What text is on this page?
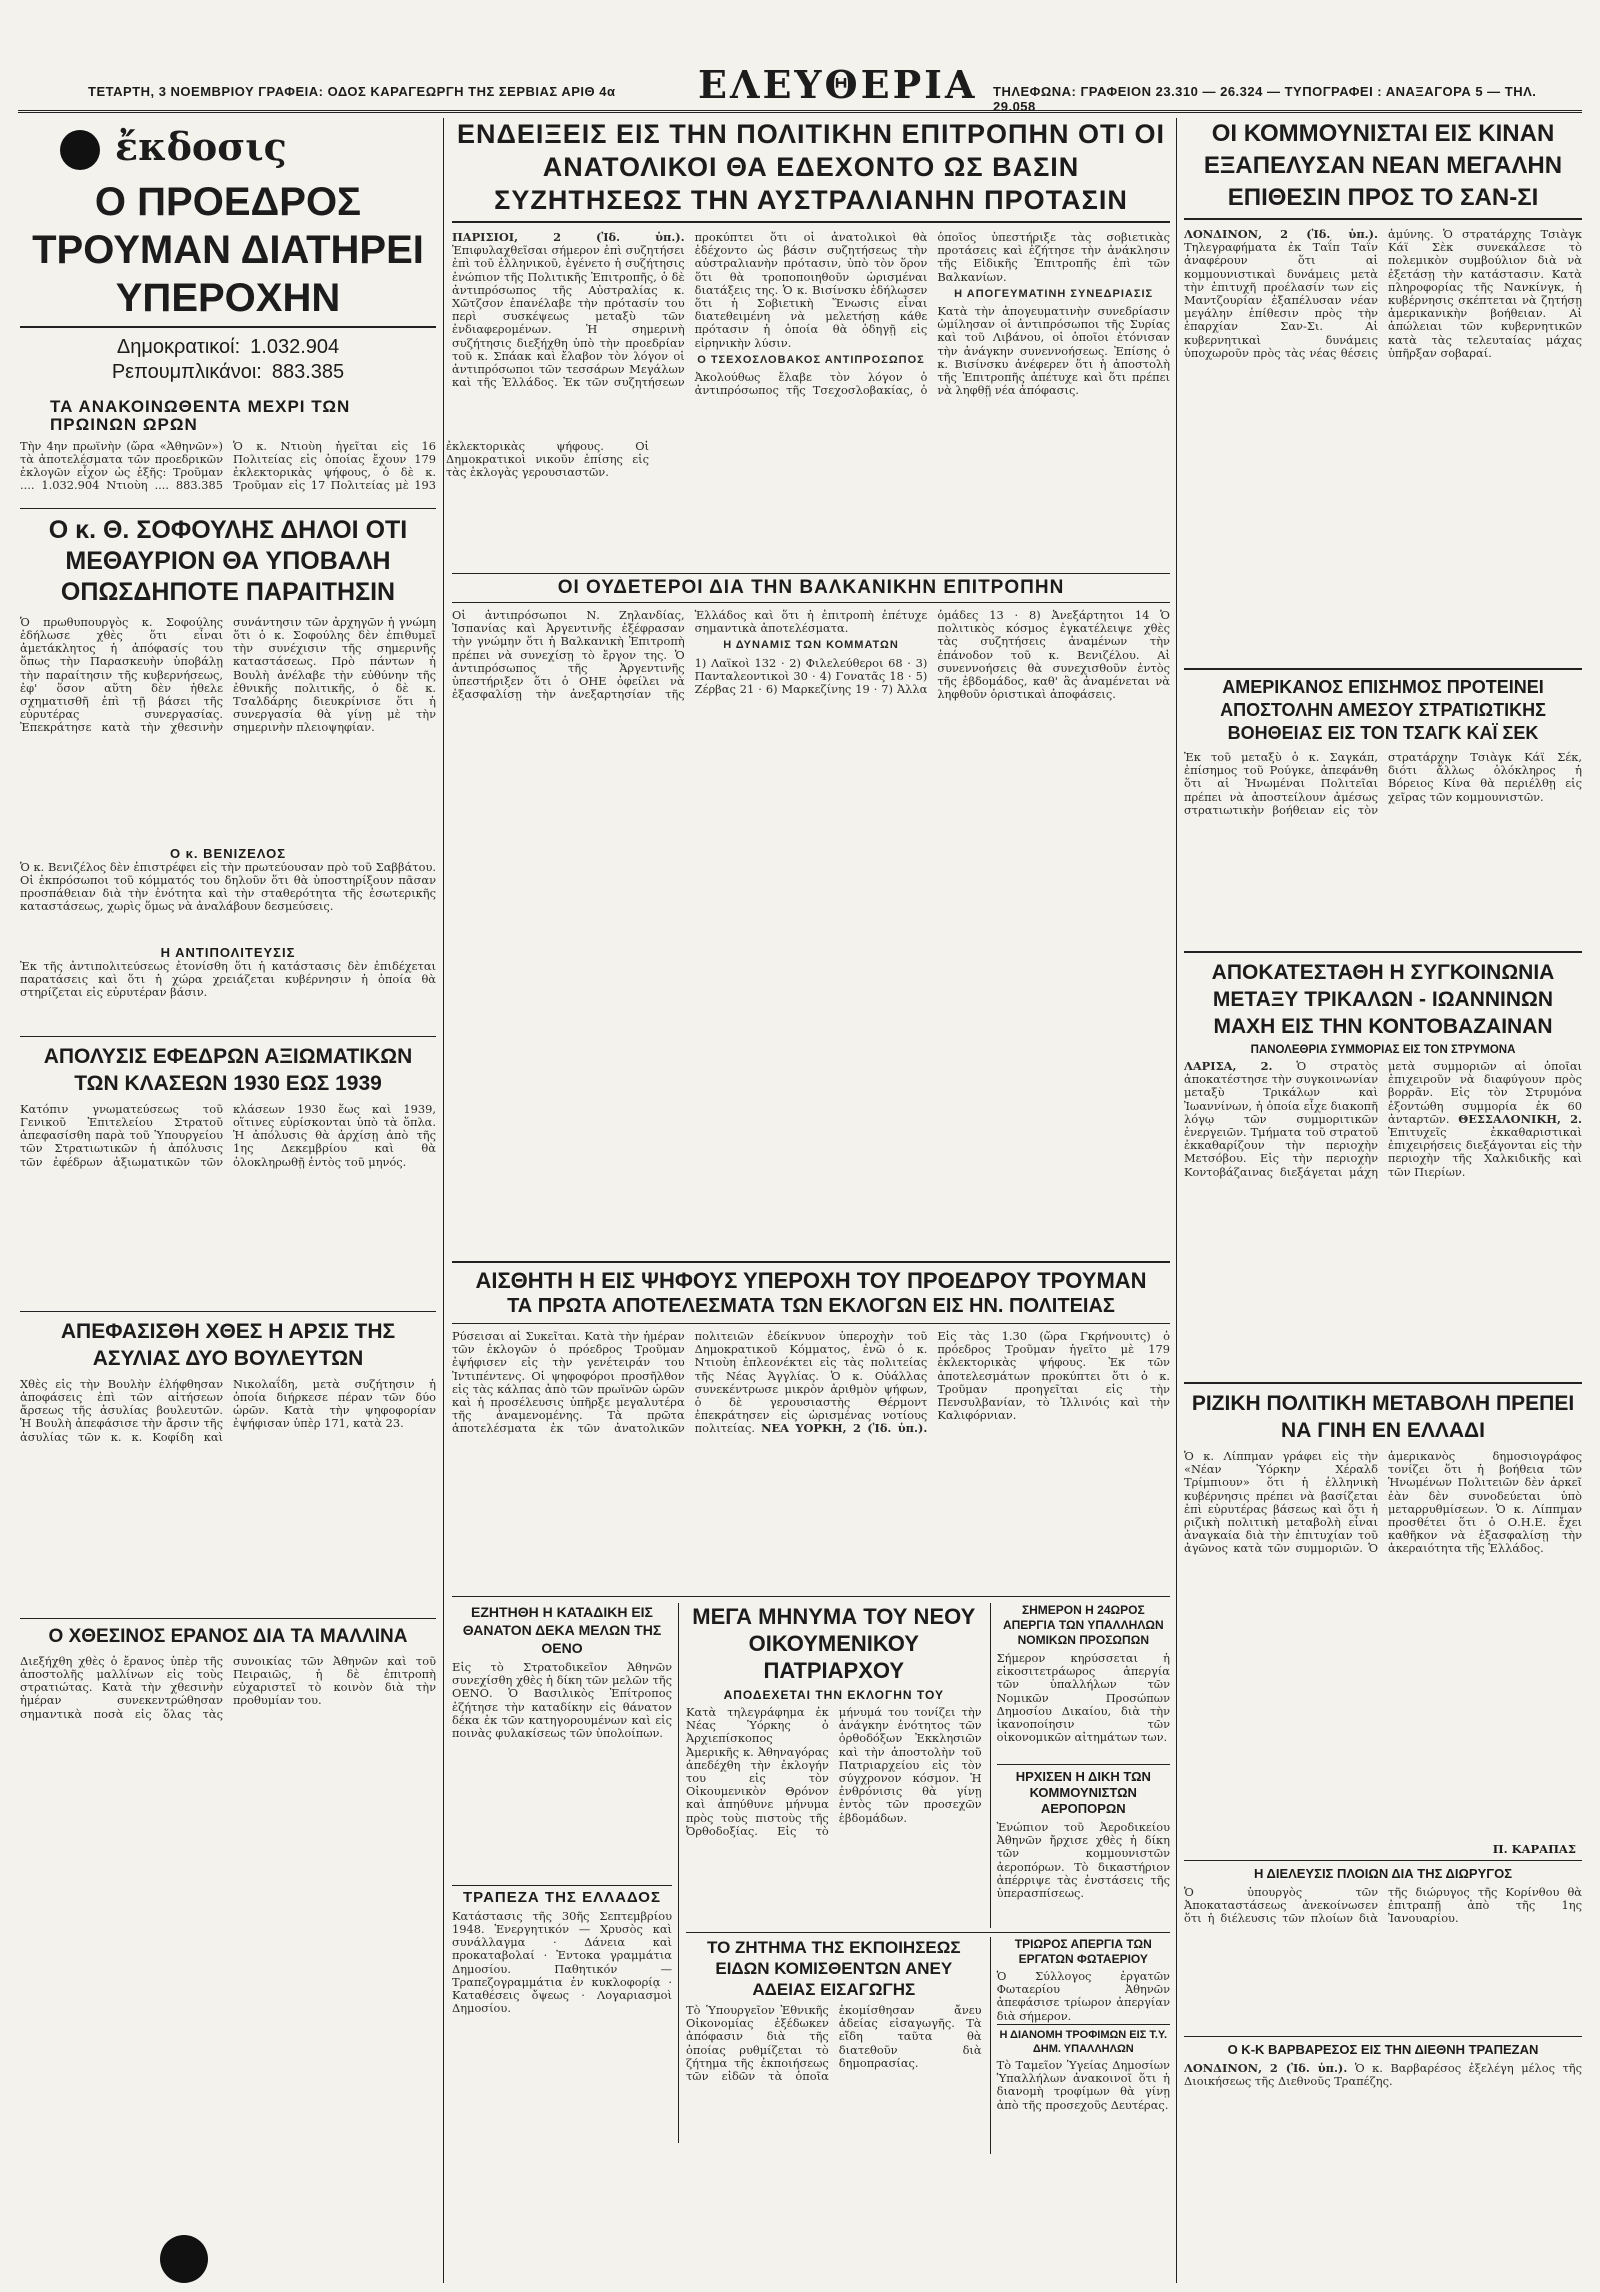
ΤΕΤΑΡΤΗ, 3 ΝΟΕΜΒΡΙΟΥ ΓΡΑΦΕΙΑ: ΟΔΟΣ ΚΑΡΑΓΕΩΡΓΗ ΤΗΣ ΣΕΡΒΙΑΣ ΑΡΙΘ 4α ΕΛΕΥΘΕΡΙΑ ΤΗΛΕΦΩΝΑ: ΓΡΑΦΕΙΟΝ 23.310 — 26.324 — ΤΥΠΟΓΡΑΦΕΙ : ΑΝΑΞΑΓΟΡΑ 5 — ΤΗΛ. 29.058
ἔκδοσις
Ο ΠΡΟΕΔΡΟΣ ΤΡΟΥΜΑΝ ΔΙΑΤΗΡΕΙ ΥΠΕΡΟΧΗΝ
Δημοκρατικοί: 1.032.904
Ρεπουμπλικάνοι: 883.385
ΤΑ ΑΝΑΚΟΙΝΩΘΕΝΤΑ ΜΕΧΡΙ ΤΩΝ ΠΡΩΙΝΩΝ ΩΡΩΝ
Τὴν 4ην πρωϊνὴν (ὥρα «Ἀθηνῶν») τὰ ἀποτελέσματα τῶν προεδρικῶν ἐκλογῶν εἶχον ὡς ἑξῆς: Τροῦμαν .... 1.032.904 Ντιοὺη .... 883.385 Ὁ κ. Ντιοὺη ἡγεῖται εἰς 16 Πολιτείας εἰς ὁποίας ἔχουν 179 ἐκλεκτορικὰς ψήφους, ὁ δὲ κ. Τροῦμαν εἰς 17 Πολιτείας μὲ 193 ἐκλεκτορικὰς ψήφους. Οἱ Δημοκρατικοὶ νικοῦν ἐπίσης εἰς τὰς ἐκλογὰς γερουσιαστῶν.
Ο κ. Θ. ΣΟΦΟΥΛΗΣ ΔΗΛΟΙ ΟΤΙ ΜΕΘΑΥΡΙΟΝ ΘΑ ΥΠΟΒΑΛΗ ΟΠΩΣΔΗΠΟΤΕ ΠΑΡΑΙΤΗΣΙΝ
Ὁ πρωθυπουργὸς κ. Σοφούλης ἐδήλωσε χθὲς ὅτι εἶναι ἀμετάκλητος ἡ ἀπόφασίς του ὅπως τὴν Παρασκευὴν ὑποβάλῃ τὴν παραίτησιν τῆς κυβερνήσεως, ἐφ' ὅσον αὕτη δὲν ἠθελε σχηματισθῆ ἐπὶ τῇ βάσει τῆς εὐρυτέρας συνεργασίας. Ἐπεκράτησε κατὰ τὴν χθεσινὴν συνάντησιν τῶν ἀρχηγῶν ἡ γνώμη ὅτι ὁ κ. Σοφούλης δὲν ἐπιθυμεῖ τὴν συνέχισιν τῆς σημερινῆς καταστάσεως. Πρὸ πάντων ἡ Βουλὴ ἀνέλαβε τὴν εὐθύνην τῆς ἐθνικῆς πολιτικῆς, ὁ δὲ κ. Τσαλδάρης διευκρίνισε ὅτι ἡ συνεργασία θὰ γίνῃ μὲ τὴν σημερινὴν πλειοψηφίαν.
Ο κ. ΒΕΝΙΖΕΛΟΣ
Ὁ κ. Βενιζέλος δὲν ἐπιστρέφει εἰς τὴν πρωτεύουσαν πρὸ τοῦ Σαββάτου. Οἱ ἐκπρόσωποι τοῦ κόμματός του δηλοῦν ὅτι θὰ ὑποστηρίξουν πᾶσαν προσπάθειαν διὰ τὴν ἑνότητα καὶ τὴν σταθερότητα τῆς ἐσωτερικῆς καταστάσεως, χωρὶς ὅμως νὰ ἀναλάβουν δεσμεύσεις.
Η ΑΝΤΙΠΟΛΙΤΕΥΣΙΣ
Ἐκ τῆς ἀντιπολιτεύσεως ἐτονίσθη ὅτι ἡ κατάστασις δὲν ἐπιδέχεται παρατάσεις καὶ ὅτι ἡ χώρα χρειάζεται κυβέρνησιν ἡ ὁποία θὰ στηρίζεται εἰς εὐρυτέραν βάσιν.
ΑΠΟΛΥΣΙΣ ΕΦΕΔΡΩΝ ΑΞΙΩΜΑΤΙΚΩΝ ΤΩΝ ΚΛΑΣΕΩΝ 1930 ΕΩΣ 1939
Κατόπιν γνωματεύσεως τοῦ Γενικοῦ Ἐπιτελείου Στρατοῦ ἀπεφασίσθη παρὰ τοῦ Ὑπουργείου τῶν Στρατιωτικῶν ἡ ἀπόλυσις τῶν ἐφέδρων ἀξιωματικῶν τῶν κλάσεων 1930 ἕως καὶ 1939, οἵτινες εὑρίσκονται ὑπὸ τὰ ὅπλα. Ἡ ἀπόλυσις θὰ ἀρχίσῃ ἀπὸ τῆς 1ης Δεκεμβρίου καὶ θὰ ὁλοκληρωθῇ ἐντὸς τοῦ μηνός.
ΑΠΕΦΑΣΙΣΘΗ ΧΘΕΣ Η ΑΡΣΙΣ ΤΗΣ ΑΣΥΛΙΑΣ ΔΥΟ ΒΟΥΛΕΥΤΩΝ
Χθὲς εἰς τὴν Βουλὴν ἐλήφθησαν ἀποφάσεις ἐπὶ τῶν αἰτήσεων ἄρσεως τῆς ἀσυλίας βουλευτῶν. Ἡ Βουλὴ ἀπεφάσισε τὴν ἄρσιν τῆς ἀσυλίας τῶν κ. κ. Κοφίδη καὶ Νικολαΐδη, μετὰ συζήτησιν ἡ ὁποία διήρκεσε πέραν τῶν δύο ὡρῶν. Κατὰ τὴν ψηφοφορίαν ἐψήφισαν ὑπὲρ 171, κατὰ 23.
Ο ΧΘΕΣΙΝΟΣ ΕΡΑΝΟΣ ΔΙΑ ΤΑ ΜΑΛΛΙΝΑ
Διεξήχθη χθὲς ὁ ἔρανος ὑπὲρ τῆς ἀποστολῆς μαλλίνων εἰς τοὺς στρατιώτας. Κατὰ τὴν χθεσινὴν ἡμέραν συνεκεντρώθησαν σημαντικὰ ποσὰ εἰς ὅλας τὰς συνοικίας τῶν Ἀθηνῶν καὶ τοῦ Πειραιῶς, ἡ δὲ ἐπιτροπὴ εὐχαριστεῖ τὸ κοινὸν διὰ τὴν προθυμίαν του.
ΕΝΔΕΙΞΕΙΣ ΕΙΣ ΤΗΝ ΠΟΛΙΤΙΚΗΝ ΕΠΙΤΡΟΠΗΝ ΟΤΙ ΟΙ ΑΝΑΤΟΛΙΚΟΙ ΘΑ ΕΔΕΧΟΝΤΟ ΩΣ ΒΑΣΙΝ ΣΥΖΗΤΗΣΕΩΣ ΤΗΝ ΑΥΣΤΡΑΛΙΑΝΗΝ ΠΡΟΤΑΣΙΝ
ΠΑΡΙΣΙΟΙ, 2 (Ἰδ. ὑπ.). Ἐπιφυλαχθεῖσαι σήμερον ἐπὶ συζητήσει ἐπὶ τοῦ ἑλληνικοῦ, ἐγένετο ἡ συζήτησις ἐνώπιον τῆς Πολιτικῆς Ἐπιτροπῆς, ὁ δὲ ἀντιπρόσωπος τῆς Αὐστραλίας κ. Χῶτζσον ἐπανέλαβε τὴν πρότασίν του περὶ συσκέψεως μεταξὺ τῶν ἐνδιαφερομένων. Ἡ σημερινὴ συζήτησις διεξήχθη ὑπὸ τὴν προεδρίαν τοῦ κ. Σπάακ καὶ ἔλαβον τὸν λόγον οἱ ἀντιπρόσωποι τῶν τεσσάρων Μεγάλων καὶ τῆς Ἑλλάδος. Ἐκ τῶν συζητήσεων προκύπτει ὅτι οἱ ἀνατολικοὶ θὰ ἐδέχοντο ὡς βάσιν συζητήσεως τὴν αὐστραλιανὴν πρότασιν, ὑπὸ τὸν ὅρον ὅτι θὰ τροποποιηθοῦν ὡρισμέναι διατάξεις της. Ὁ κ. Βισίνσκυ ἐδήλωσεν ὅτι ἡ Σοβιετικὴ Ἕνωσις εἶναι διατεθειμένη νὰ μελετήσῃ κάθε πρότασιν ἡ ὁποία θὰ ὁδηγῇ εἰς εἰρηνικὴν λύσιν.
Ο ΤΣΕΧΟΣΛΟΒΑΚΟΣ ΑΝΤΙΠΡΟΣΩΠΟΣ
Ἀκολούθως ἔλαβε τὸν λόγον ὁ ἀντιπρόσωπος τῆς Τσεχοσλοβακίας, ὁ ὁποῖος ὑπεστήριξε τὰς σοβιετικὰς προτάσεις καὶ ἐζήτησε τὴν ἀνάκλησιν τῆς Εἰδικῆς Ἐπιτροπῆς ἐπὶ τῶν Βαλκανίων.
Η ΑΠΟΓΕΥΜΑΤΙΝΗ ΣΥΝΕΔΡΙΑΣΙΣ
Κατὰ τὴν ἀπογευματινὴν συνεδρίασιν ὡμίλησαν οἱ ἀντιπρόσωποι τῆς Συρίας καὶ τοῦ Λιβάνου, οἱ ὁποῖοι ἐτόνισαν τὴν ἀνάγκην συνεννοήσεως. Ἐπίσης ὁ κ. Βισίνσκυ ἀνέφερεν ὅτι ἡ ἀποστολὴ τῆς Ἐπιτροπῆς ἀπέτυχε καὶ ὅτι πρέπει νὰ ληφθῇ νέα ἀπόφασις.
ΟΙ ΟΥΔΕΤΕΡΟΙ ΔΙΑ ΤΗΝ ΒΑΛΚΑΝΙΚΗΝ ΕΠΙΤΡΟΠΗΝ
Οἱ ἀντιπρόσωποι Ν. Ζηλανδίας, Ἰσπανίας καὶ Ἀργεντινῆς ἐξέφρασαν τὴν γνώμην ὅτι ἡ Βαλκανικὴ Ἐπιτροπὴ πρέπει νὰ συνεχίσῃ τὸ ἔργον της. Ὁ ἀντιπρόσωπος τῆς Ἀργεντινῆς ὑπεστήριξεν ὅτι ὁ ΟΗΕ ὀφείλει νὰ ἐξασφαλίσῃ τὴν ἀνεξαρτησίαν τῆς Ἑλλάδος καὶ ὅτι ἡ ἐπιτροπὴ ἐπέτυχε σημαντικὰ ἀποτελέσματα.
Η ΔΥΝΑΜΙΣ ΤΩΝ ΚΟΜΜΑΤΩΝ
1) Λαϊκοὶ 132 · 2) Φιλελεύθεροι 68 · 3) Πανταλεοντικοὶ 30 · 4) Γονατᾶς 18 · 5) Ζέρβας 21 · 6) Μαρκεζίνης 19 · 7) Ἀλλα ὁμάδες 13 · 8) Ἀνεξάρτητοι 14 Ὁ πολιτικὸς κόσμος ἐγκατέλειψε χθὲς τὰς συζητήσεις ἀναμένων τὴν ἐπάνοδον τοῦ κ. Βενιζέλου. Αἱ συνεννοήσεις θὰ συνεχισθοῦν ἐντὸς τῆς ἑβδομάδος, καθ' ἃς ἀναμένεται νὰ ληφθοῦν ὁριστικαὶ ἀποφάσεις.
ΑΙΣΘΗΤΗ Η ΕΙΣ ΨΗΦΟΥΣ ΥΠΕΡΟΧΗ ΤΟΥ ΠΡΟΕΔΡΟΥ ΤΡΟΥΜΑΝ
ΤΑ ΠΡΩΤΑ ΑΠΟΤΕΛΕΣΜΑΤΑ ΤΩΝ ΕΚΛΟΓΩΝ ΕΙΣ ΗΝ. ΠΟΛΙΤΕΙΑΣ
Ρύσεισαι αἱ Συκεῖται. Κατὰ τὴν ἡμέραν τῶν ἐκλογῶν ὁ πρόεδρος Τροῦμαν ἐψήφισεν εἰς τὴν γενέτειράν του Ἰντιπέντενς. Οἱ ψηφοφόροι προσῆλθον εἰς τὰς κάλπας ἀπὸ τῶν πρωϊνῶν ὡρῶν καὶ ἡ προσέλευσις ὑπῆρξε μεγαλυτέρα τῆς ἀναμενομένης. Τὰ πρῶτα ἀποτελέσματα ἐκ τῶν ἀνατολικῶν πολιτειῶν ἐδείκνυον ὑπεροχὴν τοῦ Δημοκρατικοῦ Κόμματος, ἐνῶ ὁ κ. Ντιοὺη ἐπλεονέκτει εἰς τὰς πολιτείας τῆς Νέας Ἀγγλίας. Ὁ κ. Οὐάλλας συνεκέντρωσε μικρὸν ἀριθμὸν ψήφων, ὁ δὲ γερουσιαστὴς Θέρμοντ ἐπεκράτησεν εἰς ὡρισμένας νοτίους πολιτείας. ΝΕΑ ΥΟΡΚΗ, 2 (Ἰδ. ὑπ.). Εἰς τὰς 1.30 (ὥρα Γκρήνουιτς) ὁ πρόεδρος Τροῦμαν ἡγεῖτο μὲ 179 ἐκλεκτορικὰς ψήφους. Ἐκ τῶν ἀποτελεσμάτων προκύπτει ὅτι ὁ κ. Τροῦμαν προηγεῖται εἰς τὴν Πενσυλβανίαν, τὸ Ἰλλινόις καὶ τὴν Καλιφόρνιαν.
ΕΖΗΤΗΘΗ Η ΚΑΤΑΔΙΚΗ ΕΙΣ ΘΑΝΑΤΟΝ ΔΕΚΑ ΜΕΛΩΝ ΤΗΣ ΟΕΝΟ
Εἰς τὸ Στρατοδικεῖον Ἀθηνῶν συνεχίσθη χθὲς ἡ δίκη τῶν μελῶν τῆς ΟΕΝΟ. Ὁ Βασιλικὸς Ἐπίτροπος ἐζήτησε τὴν καταδίκην εἰς θάνατον δέκα ἐκ τῶν κατηγορουμένων καὶ εἰς ποινὰς φυλακίσεως τῶν ὑπολοίπων.
ΤΡΑΠΕΖΑ ΤΗΣ ΕΛΛΑΔΟΣ
Κατάστασις τῆς 30ῆς Σεπτεμβρίου 1948. Ἐνεργητικόν — Χρυσὸς καὶ συνάλλαγμα · Δάνεια καὶ προκαταβολαί · Ἐντοκα γραμμάτια Δημοσίου. Παθητικόν — Τραπεζογραμμάτια ἐν κυκλοφορίᾳ · Καταθέσεις ὄψεως · Λογαριασμοὶ Δημοσίου.
ΜΕΓΑ ΜΗΝΥΜΑ ΤΟΥ ΝΕΟΥ ΟΙΚΟΥΜΕΝΙΚΟΥ ΠΑΤΡΙΑΡΧΟΥ
ΑΠΟΔΕΧΕΤΑΙ ΤΗΝ ΕΚΛΟΓΗΝ ΤΟΥ
Κατὰ τηλεγράφημα ἐκ Νέας Ὑόρκης ὁ Ἀρχιεπίσκοπος Ἀμερικῆς κ. Ἀθηναγόρας ἀπεδέχθη τὴν ἐκλογήν του εἰς τὸν Οἰκουμενικὸν Θρόνον καὶ ἀπηύθυνε μήνυμα πρὸς τοὺς πιστοὺς τῆς Ὀρθοδοξίας. Εἰς τὸ μήνυμά του τονίζει τὴν ἀνάγκην ἑνότητος τῶν ὀρθοδόξων Ἐκκλησιῶν καὶ τὴν ἀποστολὴν τοῦ Πατριαρχείου εἰς τὸν σύγχρονον κόσμον. Ἡ ἐνθρόνισις θὰ γίνῃ ἐντὸς τῶν προσεχῶν ἑβδομάδων.
ΣΗΜΕΡΟΝ Η 24ΩΡΟΣ ΑΠΕΡΓΙΑ ΤΩΝ ΥΠΑΛΛΗΛΩΝ ΝΟΜΙΚΩΝ ΠΡΟΣΩΠΩΝ
Σήμερον κηρύσσεται ἡ εἰκοσιτετράωρος ἀπεργία τῶν ὑπαλλήλων τῶν Νομικῶν Προσώπων Δημοσίου Δικαίου, διὰ τὴν ἱκανοποίησιν τῶν οἰκονομικῶν αἰτημάτων των.
ΗΡΧΙΣΕΝ Η ΔΙΚΗ ΤΩΝ ΚΟΜΜΟΥΝΙΣΤΩΝ ΑΕΡΟΠΟΡΩΝ
Ἐνώπιον τοῦ Ἀεροδικείου Ἀθηνῶν ἤρχισε χθὲς ἡ δίκη τῶν κομμουνιστῶν ἀεροπόρων. Τὸ δικαστήριον ἀπέρριψε τὰς ἐνστάσεις τῆς ὑπερασπίσεως.
ΤΟ ΖΗΤΗΜΑ ΤΗΣ ΕΚΠΟΙΗΣΕΩΣ ΕΙΔΩΝ ΚΟΜΙΣΘΕΝΤΩΝ ΑΝΕΥ ΑΔΕΙΑΣ ΕΙΣΑΓΩΓΗΣ
Τὸ Ὑπουργεῖον Ἐθνικῆς Οἰκονομίας ἐξέδωκεν ἀπόφασιν διὰ τῆς ὁποίας ρυθμίζεται τὸ ζήτημα τῆς ἐκποιήσεως τῶν εἰδῶν τὰ ὁποῖα ἐκομίσθησαν ἄνευ ἀδείας εἰσαγωγῆς. Τὰ εἴδη ταῦτα θὰ διατεθοῦν διὰ δημοπρασίας.
ΤΡΙΩΡΟΣ ΑΠΕΡΓΙΑ ΤΩΝ ΕΡΓΑΤΩΝ ΦΩΤΑΕΡΙΟΥ
Ὁ Σύλλογος ἐργατῶν Φωταερίου Ἀθηνῶν ἀπεφάσισε τρίωρον ἀπεργίαν διὰ σήμερον.
Η ΔΙΑΝΟΜΗ ΤΡΟΦΙΜΩΝ ΕΙΣ Τ.Υ. ΔΗΜ. ΥΠΑΛΛΗΛΩΝ
Τὸ Ταμεῖον Ὑγείας Δημοσίων Ὑπαλλήλων ἀνακοινοῖ ὅτι ἡ διανομὴ τροφίμων θὰ γίνῃ ἀπὸ τῆς προσεχοῦς Δευτέρας.
ΟΙ ΚΟΜΜΟΥΝΙΣΤΑΙ ΕΙΣ ΚΙΝΑΝ ΕΞΑΠΕΛΥΣΑΝ ΝΕΑΝ ΜΕΓΑΛΗΝ ΕΠΙΘΕΣΙΝ ΠΡΟΣ ΤΟ ΣΑΝ-ΣΙ
ΛΟΝΔΙΝΟΝ, 2 (Ἰδ. ὑπ.). Τηλεγραφήματα ἐκ Ταΐπ Ταΐν ἀναφέρουν ὅτι αἱ κομμουνιστικαὶ δυνάμεις μετὰ τὴν ἐπιτυχῆ προέλασίν των εἰς Μαντζουρίαν ἐξαπέλυσαν νέαν μεγάλην ἐπίθεσιν πρὸς τὴν ἐπαρχίαν Σαν-Σι. Αἱ κυβερνητικαὶ δυνάμεις ὑποχωροῦν πρὸς τὰς νέας θέσεις ἀμύνης. Ὁ στρατάρχης Τσιὰγκ Κάϊ Σὲκ συνεκάλεσε τὸ πολεμικὸν συμβούλιον διὰ νὰ ἐξετάσῃ τὴν κατάστασιν. Κατὰ πληροφορίας τῆς Νανκίνγκ, ἡ κυβέρνησις σκέπτεται νὰ ζητήσῃ ἀμερικανικὴν βοήθειαν. Αἱ ἀπώλειαι τῶν κυβερνητικῶν κατὰ τὰς τελευταίας μάχας ὑπῆρξαν σοβαραί.
ΑΜΕΡΙΚΑΝΟΣ ΕΠΙΣΗΜΟΣ ΠΡΟΤΕΙΝΕΙ ΑΠΟΣΤΟΛΗΝ ΑΜΕΣΟΥ ΣΤΡΑΤΙΩΤΙΚΗΣ ΒΟΗΘΕΙΑΣ ΕΙΣ ΤΟΝ ΤΣΑΓΚ ΚΑΪ ΣΕΚ
Ἐκ τοῦ μεταξὺ ὁ κ. Σαγκάπ, ἐπίσημος τοῦ Ρούγκε, ἀπεφάνθη ὅτι αἱ Ἡνωμέναι Πολιτεῖαι πρέπει νὰ ἀποστείλουν ἀμέσως στρατιωτικὴν βοήθειαν εἰς τὸν στρατάρχην Τσιὰγκ Κάϊ Σέκ, διότι ἄλλως ὁλόκληρος ἡ Βόρειος Κίνα θὰ περιέλθῃ εἰς χεῖρας τῶν κομμουνιστῶν.
ΑΠΟΚΑΤΕΣΤΑΘΗ Η ΣΥΓΚΟΙΝΩΝΙΑ ΜΕΤΑΞΥ ΤΡΙΚΑΛΩΝ - ΙΩΑΝΝΙΝΩΝ ΜΑΧΗ ΕΙΣ ΤΗΝ ΚΟΝΤΟΒΑΖΑΙΝΑΝ
ΠΑΝΟΛΕΘΡΙΑ ΣΥΜΜΟΡΙΑΣ ΕΙΣ ΤΟΝ ΣΤΡΥΜΟΝΑ
ΛΑΡΙΣΑ, 2. Ὁ στρατὸς ἀποκατέστησε τὴν συγκοινωνίαν μεταξὺ Τρικάλων καὶ Ἰωαννίνων, ἡ ὁποία εἶχε διακοπῆ λόγῳ τῶν συμμοριτικῶν ἐνεργειῶν. Τμήματα τοῦ στρατοῦ ἐκκαθαρίζουν τὴν περιοχὴν Μετσόβου. Εἰς τὴν περιοχὴν Κοντοβάζαινας διεξάγεται μάχη μετὰ συμμοριῶν αἱ ὁποῖαι ἐπιχειροῦν νὰ διαφύγουν πρὸς βορρᾶν. Εἰς τὸν Στρυμόνα ἐξοντώθη συμμορία ἐκ 60 ἀνταρτῶν. ΘΕΣΣΑΛΟΝΙΚΗ, 2. Ἐπιτυχεῖς ἐκκαθαριστικαὶ ἐπιχειρήσεις διεξάγονται εἰς τὴν περιοχὴν τῆς Χαλκιδικῆς καὶ τῶν Πιερίων.
ΡΙΖΙΚΗ ΠΟΛΙΤΙΚΗ ΜΕΤΑΒΟΛΗ ΠΡΕΠΕΙ ΝΑ ΓΙΝΗ ΕΝ ΕΛΛΑΔΙ
Ὁ κ. Λίππμαν γράφει εἰς τὴν «Νέαν Ὑόρκην Χέραλδ Τρίμπιουν» ὅτι ἡ ἑλληνικὴ κυβέρνησις πρέπει νὰ βασίζεται ἐπὶ εὐρυτέρας βάσεως καὶ ὅτι ἡ ριζικὴ πολιτικὴ μεταβολὴ εἶναι ἀναγκαία διὰ τὴν ἐπιτυχίαν τοῦ ἀγῶνος κατὰ τῶν συμμοριῶν. Ὁ ἀμερικανὸς δημοσιογράφος τονίζει ὅτι ἡ βοήθεια τῶν Ἡνωμένων Πολιτειῶν δὲν ἀρκεῖ ἐὰν δὲν συνοδεύεται ὑπὸ μεταρρυθμίσεων. Ὁ κ. Λίππμαν προσθέτει ὅτι ὁ Ο.Η.Ε. ἔχει καθῆκον νὰ ἐξασφαλίσῃ τὴν ἀκεραιότητα τῆς Ἑλλάδος.
Π. ΚΑΡΑΠΑΣ
Η ΔΙΕΛΕΥΣΙΣ ΠΛΟΙΩΝ ΔΙΑ ΤΗΣ ΔΙΩΡΥΓΟΣ
Ὁ ὑπουργὸς τῶν Ἀποκαταστάσεως ἀνεκοίνωσεν ὅτι ἡ διέλευσις τῶν πλοίων διὰ τῆς διώρυγος τῆς Κορίνθου θὰ ἐπιτραπῇ ἀπὸ τῆς 1ης Ἰανουαρίου.
Ο Κ-Κ ΒΑΡΒΑΡΕΣΟΣ ΕΙΣ ΤΗΝ ΔΙΕΘΝΗ ΤΡΑΠΕΖΑΝ
ΛΟΝΔΙΝΟΝ, 2 (Ἰδ. ὑπ.). Ὁ κ. Βαρβαρέσος ἐξελέγη μέλος τῆς Διοικήσεως τῆς Διεθνοῦς Τραπέζης.
